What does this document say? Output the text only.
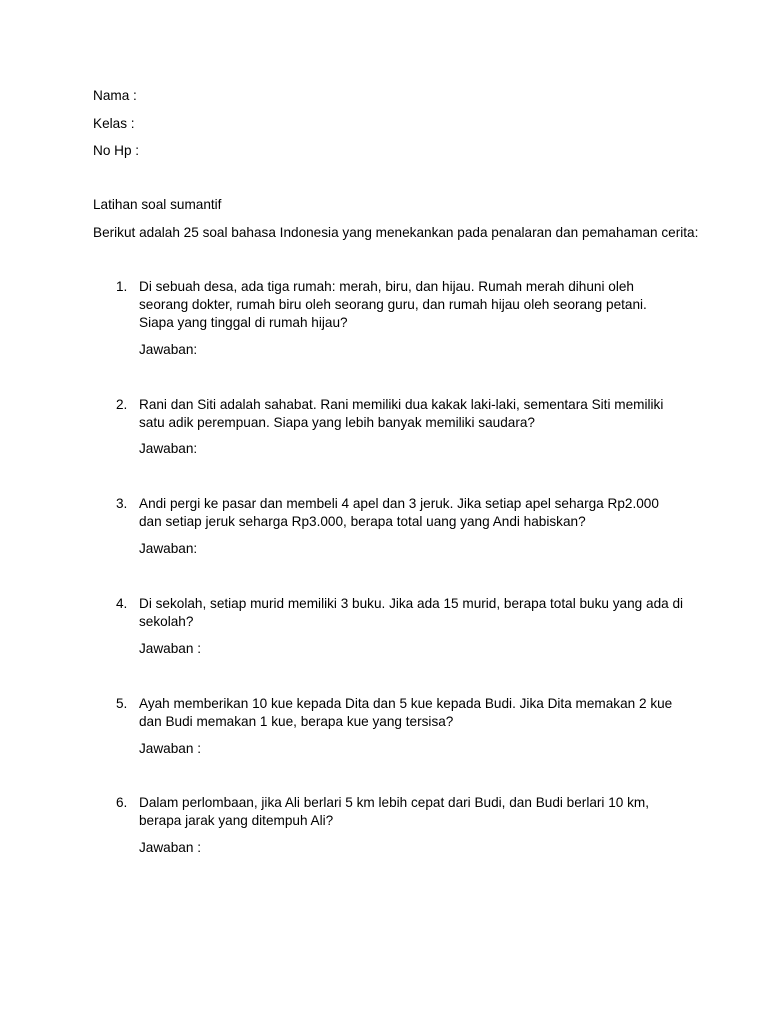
Nama :
Kelas :
No Hp :
Latihan soal sumantif
Berikut adalah 25 soal bahasa Indonesia yang menekankan pada penalaran dan pemahaman cerita:
1. Di sebuah desa, ada tiga rumah: merah, biru, dan hijau. Rumah merah dihuni oleh seorang dokter, rumah biru oleh seorang guru, dan rumah hijau oleh seorang petani. Siapa yang tinggal di rumah hijau?
Jawaban:
2. Rani dan Siti adalah sahabat. Rani memiliki dua kakak laki-laki, sementara Siti memiliki satu adik perempuan. Siapa yang lebih banyak memiliki saudara?
Jawaban:
3. Andi pergi ke pasar dan membeli 4 apel dan 3 jeruk. Jika setiap apel seharga Rp2.000 dan setiap jeruk seharga Rp3.000, berapa total uang yang Andi habiskan?
Jawaban:
4. Di sekolah, setiap murid memiliki 3 buku. Jika ada 15 murid, berapa total buku yang ada di sekolah?
Jawaban :
5. Ayah memberikan 10 kue kepada Dita dan 5 kue kepada Budi. Jika Dita memakan 2 kue dan Budi memakan 1 kue, berapa kue yang tersisa?
Jawaban :
6. Dalam perlombaan, jika Ali berlari 5 km lebih cepat dari Budi, dan Budi berlari 10 km, berapa jarak yang ditempuh Ali?
Jawaban :
